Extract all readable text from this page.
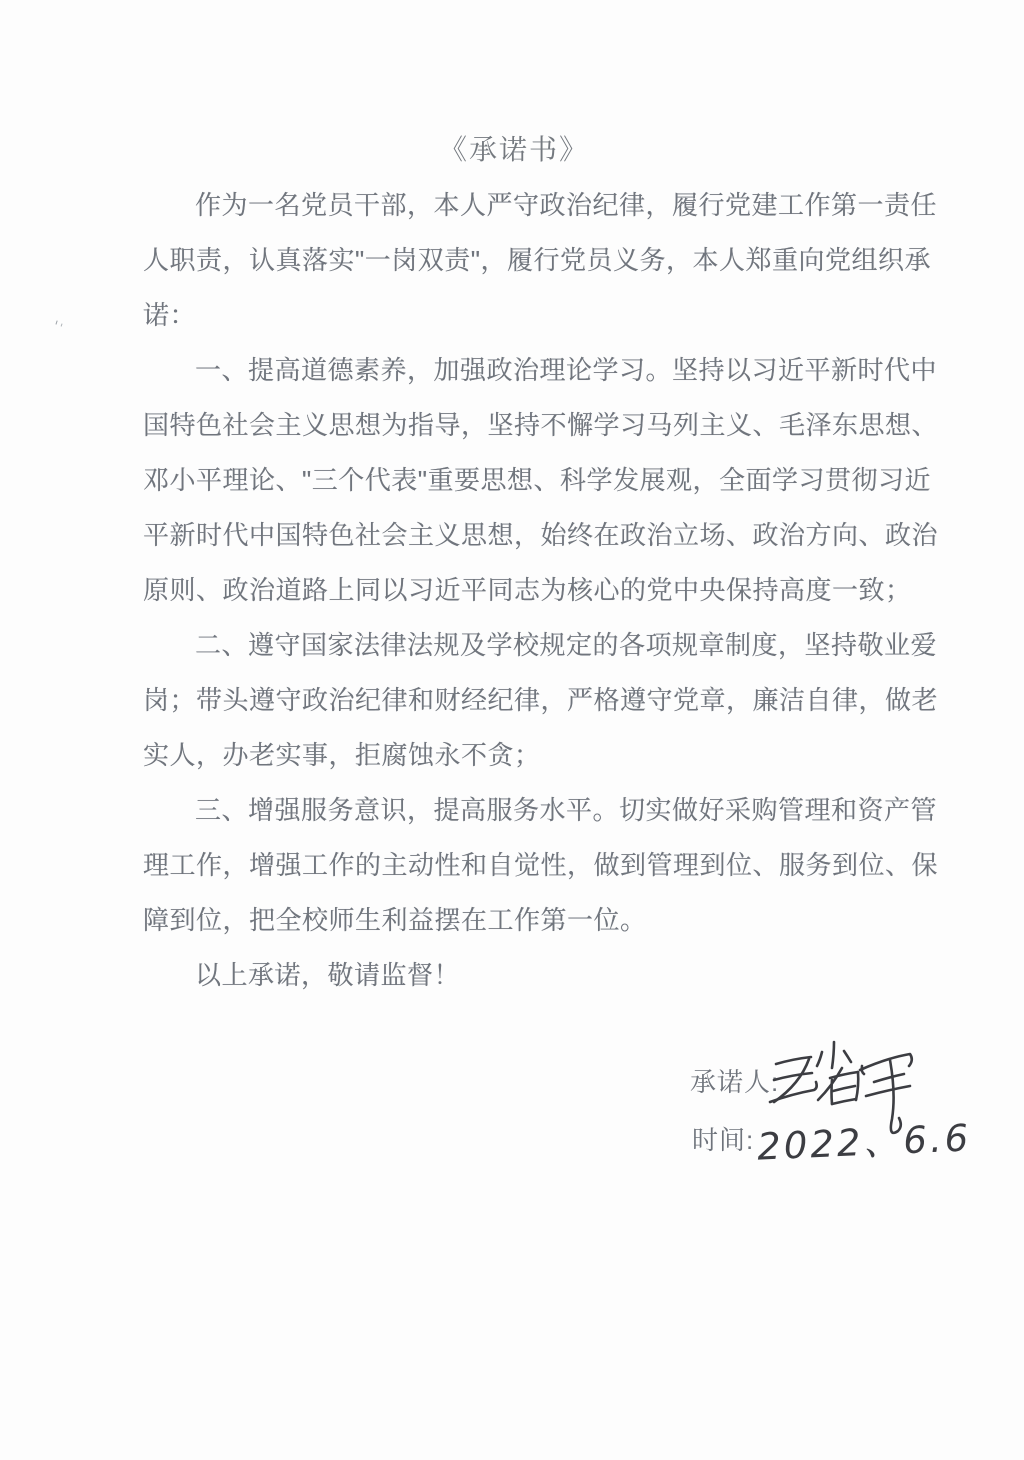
《承诺书》
作为一名党员干部，本人严守政治纪律，履行党建工作第一责任
人职责，认真落实"一岗双责"，履行党员义务，本人郑重向党组织承
诺：
一、提高道德素养，加强政治理论学习。坚持以习近平新时代中
国特色社会主义思想为指导，坚持不懈学习马列主义、毛泽东思想、
邓小平理论、"三个代表"重要思想、科学发展观，全面学习贯彻习近
平新时代中国特色社会主义思想，始终在政治立场、政治方向、政治
原则、政治道路上同以习近平同志为核心的党中央保持高度一致；
二、遵守国家法律法规及学校规定的各项规章制度，坚持敬业爱
岗；带头遵守政治纪律和财经纪律，严格遵守党章，廉洁自律，做老
实人，办老实事，拒腐蚀永不贪；
三、增强服务意识，提高服务水平。切实做好采购管理和资产管
理工作，增强工作的主动性和自觉性，做到管理到位、服务到位、保
障到位，把全校师生利益摆在工作第一位。
以上承诺，敬请监督！
承诺人:
时间: 2022、6.6
